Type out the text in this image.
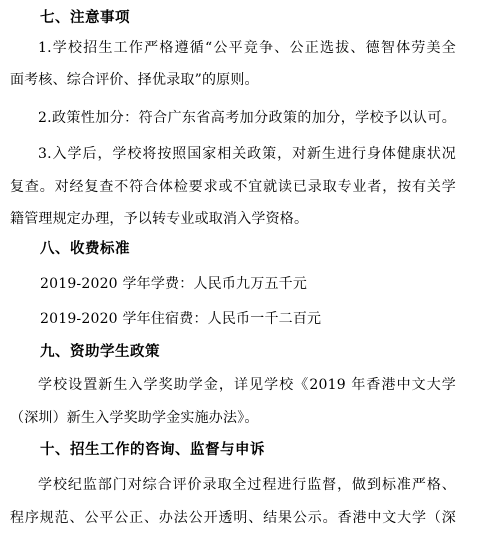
七、注意事项
1.学校招生工作严格遵循“公平竞争、公正选拔、德智体劳美全
面考核、综合评价、择优录取”的原则。
2.政策性加分：符合广东省高考加分政策的加分，学校予以认可。
3.入学后，学校将按照国家相关政策，对新生进行身体健康状况
复查。对经复查不符合体检要求或不宜就读已录取专业者，按有关学
籍管理规定办理，予以转专业或取消入学资格。
八、收费标准
2019-2020 学年学费：人民币九万五千元
2019-2020 学年住宿费：人民币一千二百元
九、资助学生政策
学校设置新生入学奖助学金，详见学校《2019 年香港中文大学
（深圳）新生入学奖助学金实施办法》。
十、招生工作的咨询、监督与申诉
学校纪监部门对综合评价录取全过程进行监督，做到标准严格、
程序规范、公平公正、办法公开透明、结果公示。香港中文大学（深
